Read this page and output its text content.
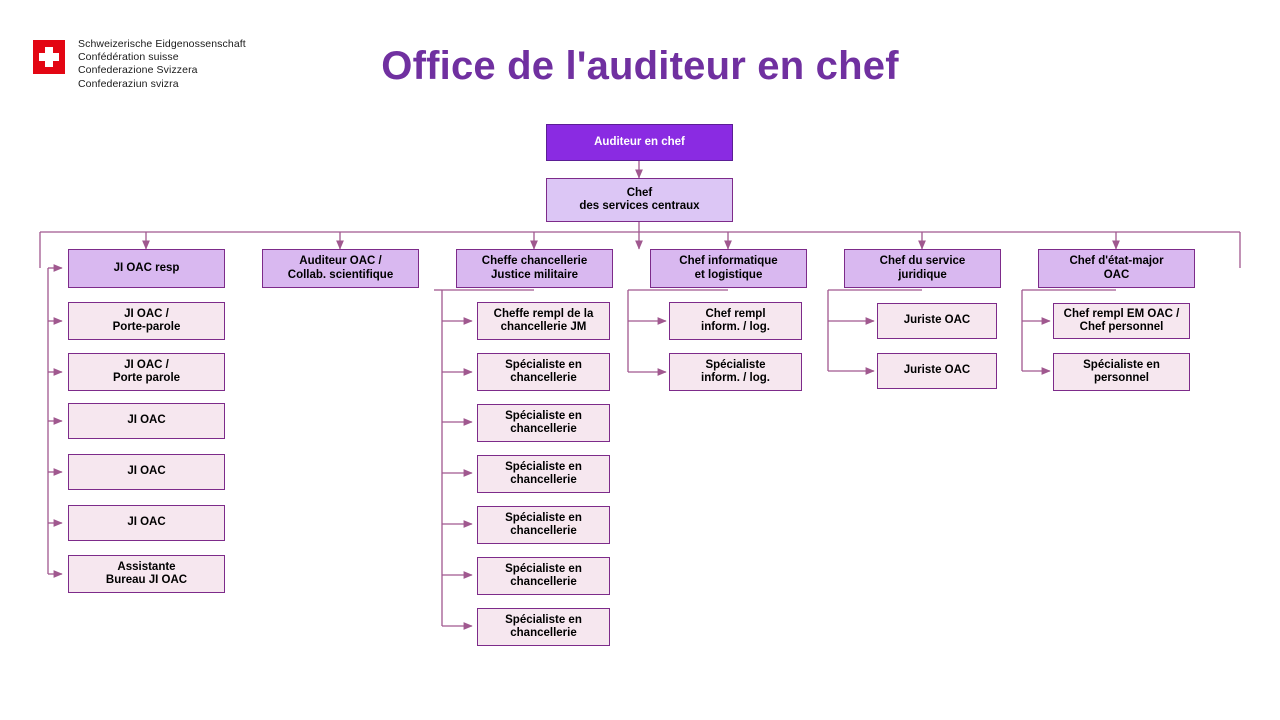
Schweizerische Eidgenossenschaft
Confédération suisse
Confederazione Svizzera
Confederaziun svizra	Office de l'auditeur en chef
Auditeur en chef
Chef
des services centraux
JI OAC resp
Auditeur OAC /
Collab. scientifique
Cheffe chancellerie
Justice militaire
Chef informatique
et logistique
Chef du service
juridique
Chef d'état-major
OAC
JI OAC /
Porte-parole
JI OAC /
Porte parole
JI OAC
JI OAC
JI OAC
Assistante
Bureau JI OAC
Cheffe rempl de la
chancellerie JM
Spécialiste en
chancellerie
Spécialiste en
chancellerie
Spécialiste en
chancellerie
Spécialiste en
chancellerie
Spécialiste en
chancellerie
Spécialiste en
chancellerie
Chef rempl
inform. / log.
Spécialiste
inform. / log.
Juriste OAC
Juriste OAC
Chef rempl EM OAC /
Chef personnel
Spécialiste en
personnel
